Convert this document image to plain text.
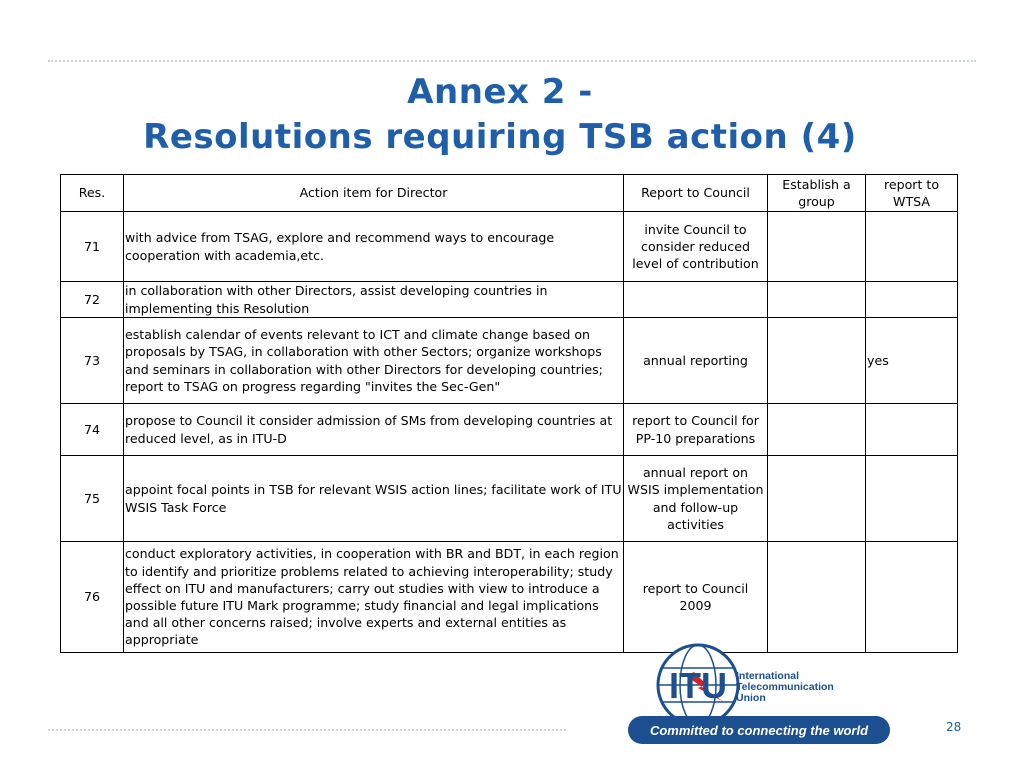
Annex 2 -
Resolutions requiring TSB action (4)
Res.	Action item for Director	Report to Council	Establish a group	report to WTSA
71	with advice from TSAG, explore and recommend ways to encourage cooperation with academia,etc.	invite Council to consider reduced level of contribution		
72	in collaboration with other Directors, assist developing countries in implementing this Resolution			
73	establish calendar of events relevant to ICT and climate change based on proposals by TSAG, in collaboration with other Sectors; organize workshops and seminars in collaboration with other Directors for developing countries; report to TSAG on progress regarding "invites the Sec-Gen"	annual reporting		yes
74	propose to Council it consider admission of SMs from developing countries at reduced level, as in ITU-D	report to Council for PP-10 preparations		
75	appoint focal points in TSB for relevant WSIS action lines; facilitate work of ITU WSIS Task Force	annual report on WSIS implementation and follow-up activities		
76	conduct exploratory activities, in cooperation with BR and BDT, in each region to identify and prioritize problems related to achieving interoperability; study effect on ITU and manufacturers; carry out studies with view to introduce a possible future ITU Mark programme; study financial and legal implications and all other concerns raised; involve experts and external entities as appropriate	report to Council 2009		
ITU International
Telecommunication
Union
Committed to connecting the world	28
